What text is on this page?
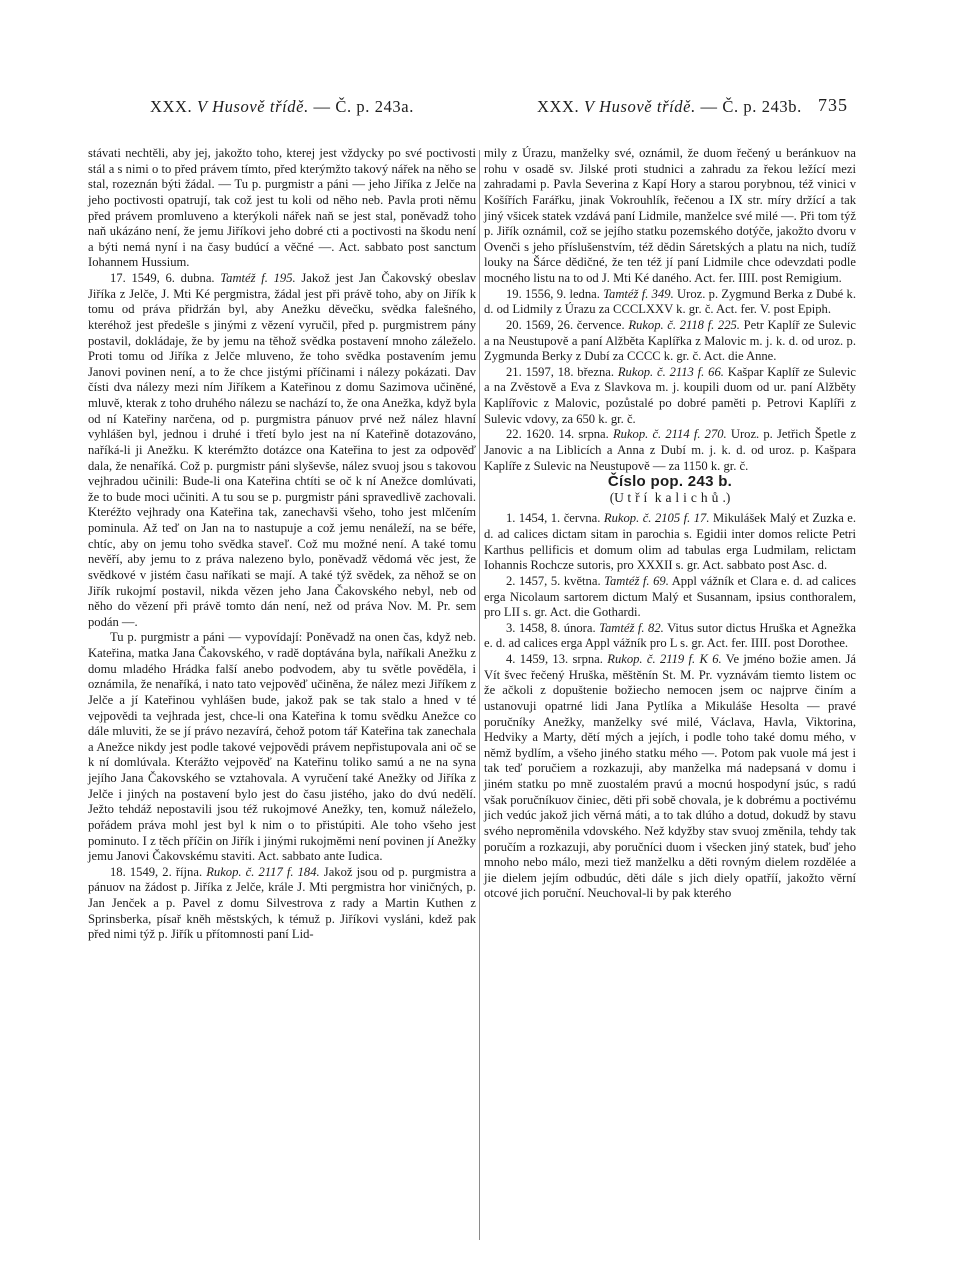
XXX. V Husově třídě. — Č. p. 243a.	XXX. V Husově třídě. — Č. p. 243b. 735

stávati nechtěli, aby jej, jakožto toho, kterej jest vždycky po své poctivosti stál a s nimi o to před právem tímto, před kterýmžto takový nářek na něho se stal, rozeznán býti žádal. — Tu p. purgmistr a páni — jeho Jiříka z Jelče na jeho poctivosti opatrují, tak což jest tu koli od něho neb. Pavla proti němu před právem promluveno a kterýkoli nářek naň se jest stal, poněvadž toho naň ukázáno není, že jemu Jiříkovi jeho dobré cti a poctivosti na škodu není a býti nemá nyní i na časy budúcí a věčné —. Act. sabbato post sanctum Iohannem Hussium.

17. 1549, 6. dubna. Tamtéž f. 195. Jakož jest Jan Čakovský obeslav Jiříka z Jelče, J. Mti Ké pergmistra, žádal jest při právě toho, aby on Jiřík k tomu od práva přidržán byl, aby Anežku děvečku, svědka falešného, kteréhož jest předešle s jinými z vězení vyručil, před p. purgmistrem pány postavil, dokládaje, že by jemu na těhož svědka postavení mnoho záleželo. Proti tomu od Jiříka z Jelče mluveno, že toho svědka postavením jemu Janovi povinen není, a to že chce jistými příčinami i nálezy pokázati. Dav čísti dva nálezy mezi ním Jiříkem a Kateřinou z domu Sazimova učiněné, mluvě, kterak z toho druhého nálezu se nachází to, že ona Anežka, když byla od ní Kateřiny narčena, od p. purgmistra pánuov prvé než nález hlavní vyhlášen byl, jednou i druhé i třetí bylo jest na ní Kateřině dotazováno, naříká-li ji Anežku. K kterémžto dotázce ona Kateřina to jest za odpověď dala, že nenaříká. Což p. purgmistr páni slyševše, nález svuoj jsou s takovou vejhradou učinili: Bude-li ona Kateřina chtíti se oč k ní Anežce domlúvati, že to bude moci učiniti. A tu sou se p. purgmistr páni spravedlivě zachovali. Kteréžto vejhrady ona Kateřina tak, zanechavši všeho, toho jest mlčením pominula. Až teď on Jan na to nastupuje a což jemu nenáleží, na se béře, chtíc, aby on jemu toho svědka staveľ. Což mu možné není. A také tomu nevěří, aby jemu to z práva nalezeno bylo, poněvadž vědomá věc jest, že svědkové v jistém času naříkati se mají. A také týž svědek, za něhož se on Jiřík rukojmí postavil, nikda vězen jeho Jana Čakovského nebyl, neb od něho do vězení při právě tomto dán není, než od práva Nov. M. Pr. sem podán —.

Tu p. purgmistr a páni — vypovídají: Poněvadž na onen čas, když neb. Kateřina, matka Jana Čakovského, v radě doptávána byla, naříkali Anežku z domu mladého Hrádka falší anebo podvodem, aby tu světle pověděla, i oznámila, že nenaříká, i nato tato vejpověď učiněna, že nález mezi Jiříkem z Jelče a jí Kateřinou vyhlášen bude, jakož pak se tak stalo a hned v té vejpovědi ta vejhrada jest, chce-li ona Kateřina k tomu svědku Anežce co dále mluviti, že se jí právo nezavírá, čehož potom tář Kateřina tak zanechala a Anežce nikdy jest podle takové vejpovědi právem nepřistupovala ani oč se k ní domlúvala. Kterážto vejpověď na Kateřinu toliko samú a ne na syna jejího Jana Čakovského se vztahovala. A vyručení také Anežky od Jiříka z Jelče i jiných na postavení bylo jest do času jistého, jako do dvú nedělí. Ježto tehdáž nepostavili jsou též rukojmové Anežky, ten, komuž náleželo, pořádem práva mohl jest byl k nim o to přistúpiti. Ale toho všeho jest pominuto. I z těch příčin on Jiřík i jinými rukojměmi není povinen jí Anežky jemu Janovi Čakovskému staviti. Act. sabbato ante Iudica.

18. 1549, 2. října. Rukop. č. 2117 f. 184. Jakož jsou od p. purgmistra a pánuov na žádost p. Jiříka z Jelče, krále J. Mti pergmistra hor viničných, p. Jan Jenček a p. Pavel z domu Silvestrova z rady a Martin Kuthen z Sprinsberka, písař kněh městských, k témuž p. Jiříkovi vysláni, kdež pak před nimi týž p. Jiřík u přítomnosti paní Lid-

mily z Úrazu, manželky své, oznámil, že duom řečený u beránkuov na rohu v osadě sv. Jilské proti studnici a zahradu za řekou ležící mezi zahradami p. Pavla Severina z Kapí Hory a starou porybnou, též vinici v Košířích Farářku, jinak Vokrouhlík, řečenou a IX str. míry držící a tak jiný všicek statek vzdává paní Lidmile, manželce své milé —. Při tom týž p. Jiřík oznámil, což se jejího statku pozemského dotýče, jakožto dvoru v Ovenči s jeho příslušenstvím, též dědin Sáretských a platu na nich, tudíž louky na Šárce dědičné, že ten též jí paní Lidmile chce odevzdati podle mocného listu na to od J. Mti Ké daného. Act. fer. IIII. post Remigium.

19. 1556, 9. ledna. Tamtéž f. 349. Uroz. p. Zygmund Berka z Dubé k. d. od Lidmily z Úrazu za CCCLXXV k. gr. č. Act. fer. V. post Epiph.

20. 1569, 26. července. Rukop. č. 2118 f. 225. Petr Kaplíř ze Sulevic a na Neustupově a paní Alžběta Kaplířka z Malovic m. j. k. d. od uroz. p. Zygmunda Berky z Dubí za CCCC k. gr. č. Act. die Anne.

21. 1597, 18. března. Rukop. č. 2113 f. 66. Kašpar Kaplíř ze Sulevic a na Zvěstově a Eva z Slavkova m. j. koupili duom od ur. paní Alžběty Kaplířovic z Malovic, pozůstalé po dobré paměti p. Petrovi Kaplíři z Sulevic vdovy, za 650 k. gr. č.

22. 1620. 14. srpna. Rukop. č. 2114 f. 270. Uroz. p. Jetřich Špetle z Janovic a na Liblicích a Anna z Dubí m. j. k. d. od uroz. p. Kašpara Kaplíře z Sulevic na Neustupově — za 1150 k. gr. č.

Číslo pop. 243 b.

(U tří kalichů.)

1. 1454, 1. června. Rukop. č. 2105 f. 17. Mikulášek Malý et Zuzka e. d. ad calices dictam sitam in parochia s. Egidii inter domos relicte Petri Karthus pellificis et domum olim ad tabulas erga Ludmilam, relictam Iohannis Rochcze sutoris, pro XXXII s. gr. Act. sabbato post Asc. d.

2. 1457, 5. května. Tamtéž f. 69. Appl vážník et Clara e. d. ad calices erga Nicolaum sartorem dictum Malý et Susannam, ipsius conthoralem, pro LII s. gr. Act. die Gothardi.

3. 1458, 8. února. Tamtéž f. 82. Vitus sutor dictus Hruška et Agnežka e. d. ad calices erga Appl vážník pro L s. gr. Act. fer. IIII. post Dorothee.

4. 1459, 13. srpna. Rukop. č. 2119 f. K 6. Ve jméno božie amen. Já Vít švec řečený Hruška, měštěnín St. M. Pr. vyznávám tiemto listem oc že ačkoli z dopuštenie božiecho nemocen jsem oc najprve činím a ustanovuji opatrné lidi Jana Pytlíka a Mikuláše Hesolta — pravé poručníky Anežky, manželky své milé, Václava, Havla, Viktorina, Hedviky a Marty, dětí mých a jejích, i podle toho také domu mého, v němž bydlím, a všeho jiného statku mého —. Potom pak vuole má jest i tak teď poručiem a rozkazuji, aby manželka má nadepsaná v domu i jiném statku po mně zuostalém pravú a mocnú hospodyní jsúc, s radú však poručníkuov činiec, děti při sobě chovala, je k dobrému a poctivému jich vedúc jakož jich věrná máti, a to tak dlúho a dotud, dokudž by stavu svého neproměnila vdovského. Než kdyžby stav svuoj změnila, tehdy tak poručím a rozkazuji, aby poručníci duom i všecken jiný statek, buď jeho mnoho nebo málo, mezi tiež manželku a děti rovným dielem rozdělée a jie dielem jejím odbudúc, děti dále s jich diely opatříí, jakožto věrní otcové jich poruční. Neuchoval-li by pak kterého
